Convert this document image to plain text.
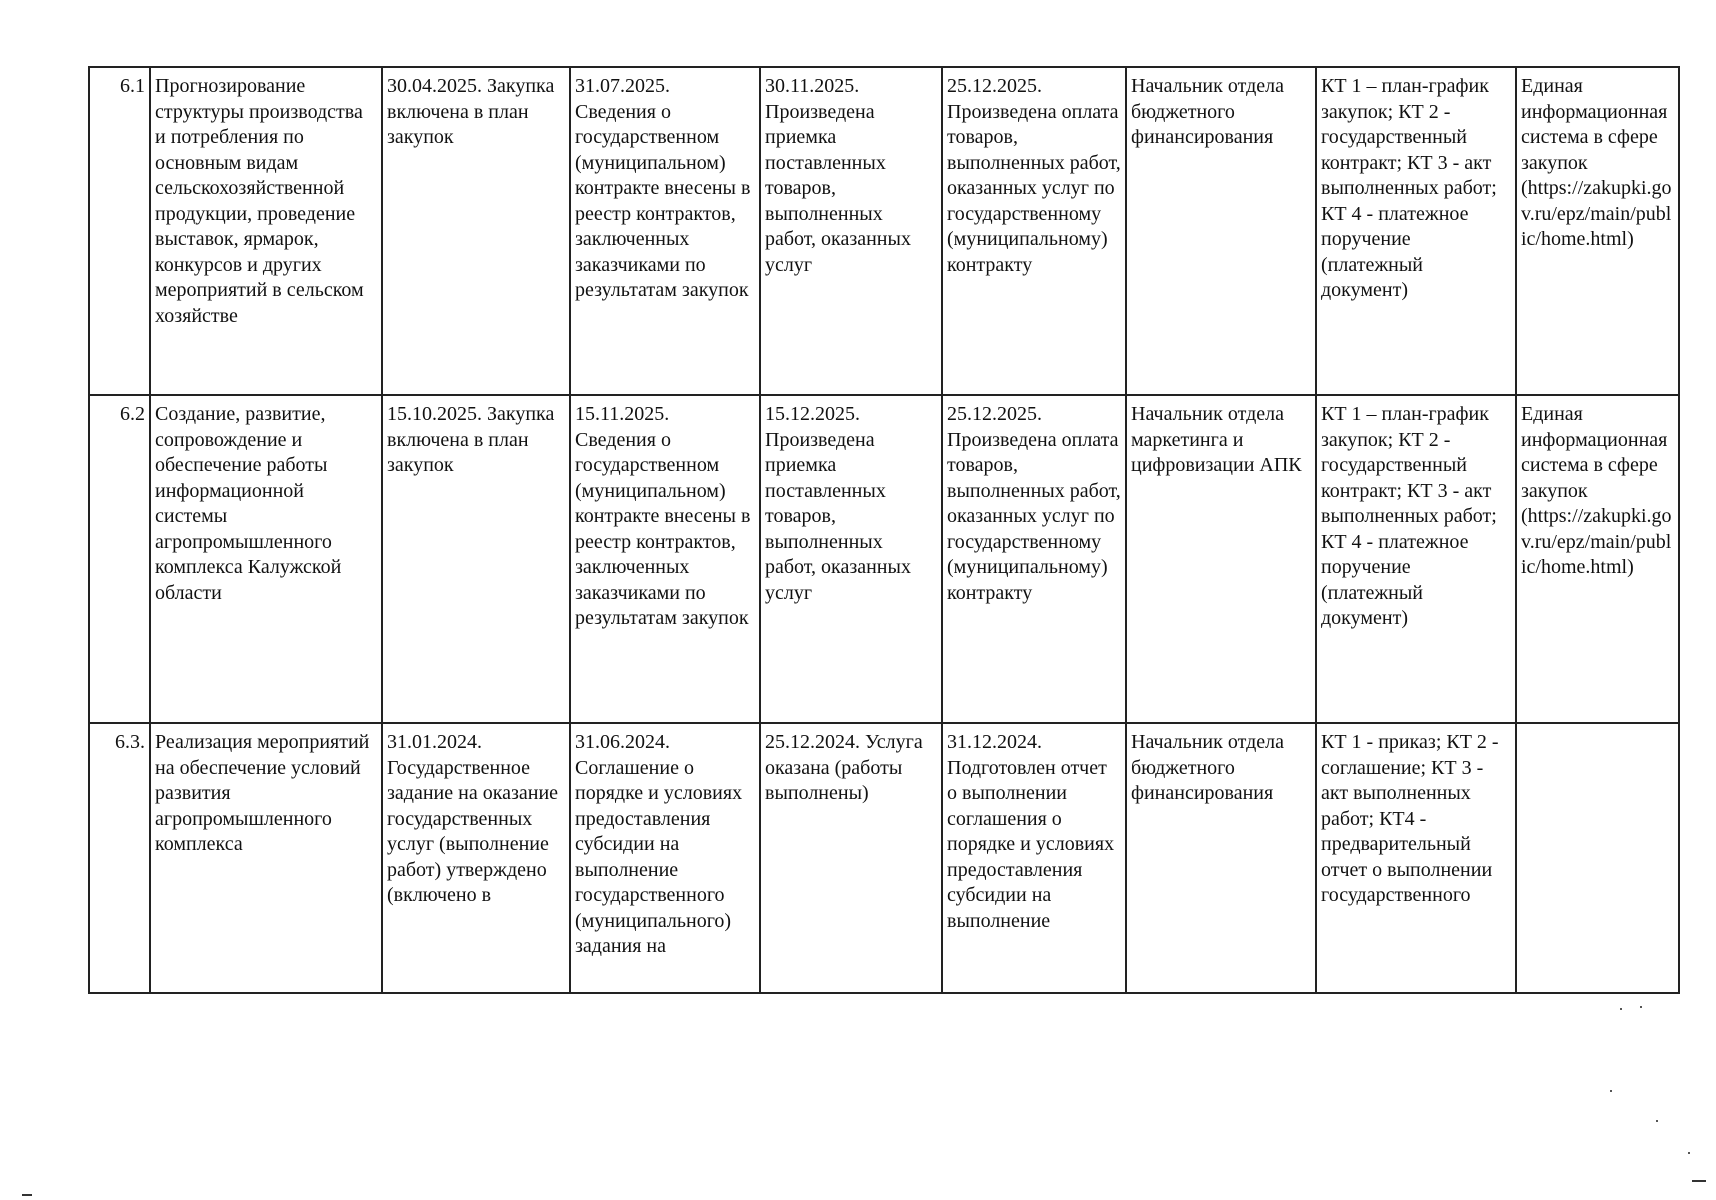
6.1	Прогнозирование структуры производства и потребления по основным видам сельскохозяйственной продукции, проведение выставок, ярмарок, конкурсов и других мероприятий в сельском хозяйстве	30.04.2025. Закупка включена в план закупок	31.07.2025. Сведения о государственном (муниципальном) контракте внесены в реестр контрактов, заключенных заказчиками по результатам закупок	30.11.2025. Произведена приемка поставленных товаров, выполненных работ, оказанных услуг	25.12.2025. Произведена оплата товаров, выполненных работ, оказанных услуг по государственному (муниципальному) контракту	Начальник отдела бюджетного финансирования	КТ 1 – план-график закупок; КТ 2 - государственный контракт; КТ 3 - акт выполненных работ; КТ 4 - платежное поручение (платежный документ)	Единая информационная система в сфере закупок (https://zakupki.gov.ru/epz/main/public/home.html)
6.2	Создание, развитие, сопровождение и обеспечение работы информационной системы агропромышленного комплекса Калужской области	15.10.2025. Закупка включена в план закупок	15.11.2025. Сведения о государственном (муниципальном) контракте внесены в реестр контрактов, заключенных заказчиками по результатам закупок	15.12.2025. Произведена приемка поставленных товаров, выполненных работ, оказанных услуг	25.12.2025. Произведена оплата товаров, выполненных работ, оказанных услуг по государственному (муниципальному) контракту	Начальник отдела маркетинга и цифровизации АПК	КТ 1 – план-график закупок; КТ 2 - государственный контракт; КТ 3 - акт выполненных работ; КТ 4 - платежное поручение (платежный документ)	Единая информационная система в сфере закупок (https://zakupki.gov.ru/epz/main/public/home.html)
6.3.	Реализация мероприятий на обеспечение условий развития агропромышленного комплекса	31.01.2024. Государственное задание на оказание государственных услуг (выполнение работ) утверждено (включено в	31.06.2024. Соглашение о порядке и условиях предоставления субсидии на выполнение государственного (муниципального) задания на	25.12.2024. Услуга оказана (работы выполнены)	31.12.2024. Подготовлен отчет о выполнении соглашения о порядке и условиях предоставления субсидии на выполнение	Начальник отдела бюджетного финансирования	КТ 1 - приказ; КТ 2 - соглашение; КТ 3 - акт выполненных работ; КТ4 - предварительный отчет о выполнении государственного	
